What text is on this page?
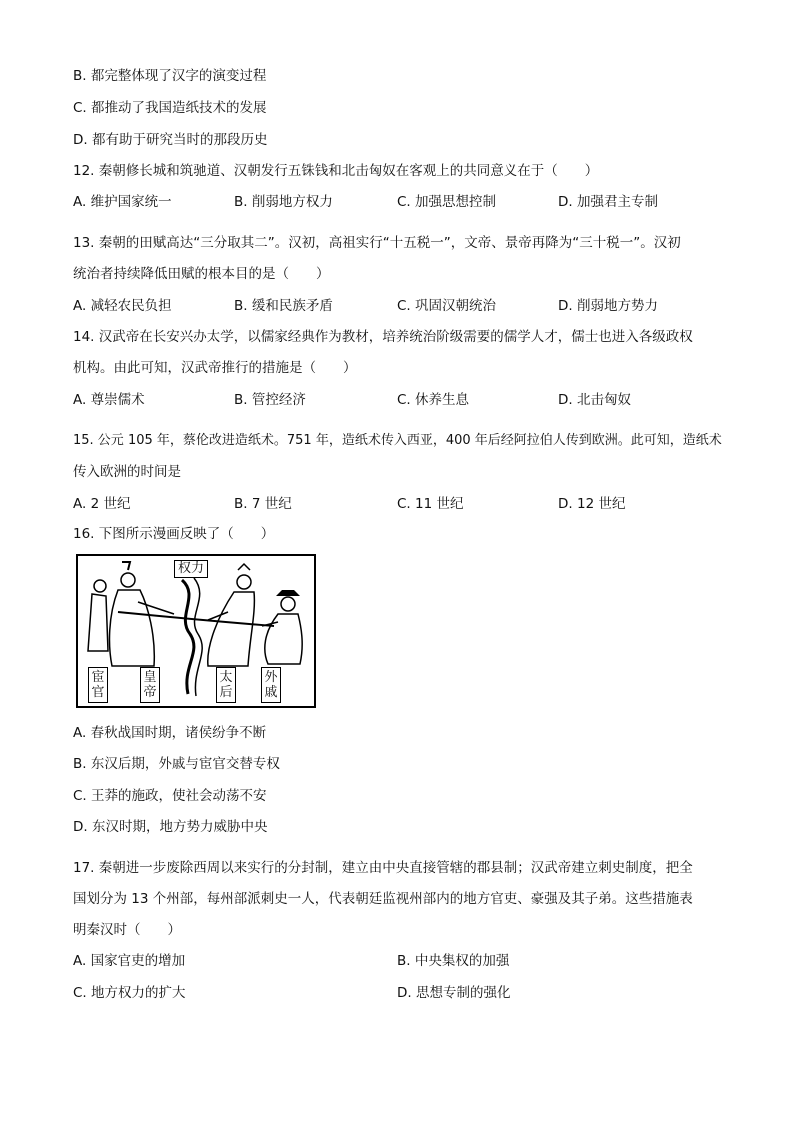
B. 都完整体现了汉字的演变过程
C. 都推动了我国造纸技术的发展
D. 都有助于研究当时的那段历史
12. 秦朝修长城和筑驰道、汉朝发行五铢钱和北击匈奴在客观上的共同意义在于（　　）
A. 维护国家统一	B. 削弱地方权力	C. 加强思想控制	D. 加强君主专制
13. 秦朝的田赋高达“三分取其二”。汉初，高祖实行“十五税一”，文帝、景帝再降为“三十税一”。汉初
统治者持续降低田赋的根本目的是（　　）
A. 减轻农民负担	B. 缓和民族矛盾	C. 巩固汉朝统治	D. 削弱地方势力
14. 汉武帝在长安兴办太学，以儒家经典作为教材，培养统治阶级需要的儒学人才，儒士也进入各级政权
机构。由此可知，汉武帝推行的措施是（　　）
A. 尊崇儒术	B. 管控经济	C. 休养生息	D. 北击匈奴
15. 公元 105 年，蔡伦改进造纸术。751 年，造纸术传入西亚，400 年后经阿拉伯人传到欧洲。此可知，造纸术
传入欧洲的时间是
A. 2 世纪	B. 7 世纪	C. 11 世纪	D. 12 世纪
16. 下图所示漫画反映了（　　）
权力
宦官
皇帝
太后
外戚
A. 春秋战国时期，诸侯纷争不断
B. 东汉后期，外戚与宦官交替专权
C. 王莽的施政，使社会动荡不安
D. 东汉时期，地方势力威胁中央
17. 秦朝进一步废除西周以来实行的分封制，建立由中央直接管辖的郡县制；汉武帝建立刺史制度，把全
国划分为 13 个州部，每州部派刺史一人，代表朝廷监视州部内的地方官吏、豪强及其子弟。这些措施表
明秦汉时（　　）
A. 国家官吏的增加	B. 中央集权的加强
C. 地方权力的扩大	D. 思想专制的强化
